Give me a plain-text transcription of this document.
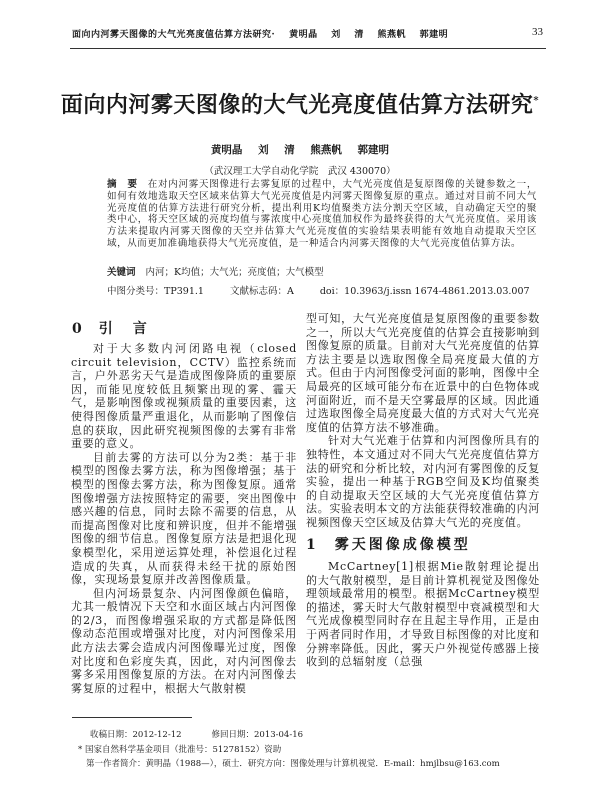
面向内河雾天图像的大气光亮度值估算方法研究· 黄明晶 刘 清 熊燕帆 郭建明	33
面向内河雾天图像的大气光亮度值估算方法研究*
黄明晶 刘 清 熊燕帆 郭建明
（武汉理工大学自动化学院　武汉 430070）
摘　要 在对内河雾天图像进行去雾复原的过程中，大气光亮度值是复原图像的关键参数之一，如何有效地选取天空区域来估算大气光亮度值是内河雾天图像复原的重点。通过对目前不同大气光亮度值的估算方法进行研究分析，提出利用K均值聚类方法分割天空区域，自动确定天空的聚类中心，将天空区域的亮度均值与雾浓度中心亮度值加权作为最终获得的大气光亮度值。采用该方法来提取内河雾天图像的天空并估算大气光亮度值的实验结果表明能有效地自动提取天空区域，从而更加准确地获得大气光亮度值，是一种适合内河雾天图像的大气光亮度值估算方法。
关键词 内河；K均值；大气光；亮度值；大气模型
中图分类号：TP391.1	文献标志码：A	doi：10.3963/j.issn 1674-4861.2013.03.007
0 引　言

对于大多数内河闭路电视（closed circuit television，CCTV）监控系统而言，户外恶劣天气是造成图像降质的重要原因，而能见度较低且频繁出现的雾、霾天气，是影响图像或视频质量的重要因素，这使得图像质量严重退化，从而影响了图像信息的获取，因此研究视频图像的去雾有非常重要的意义。

目前去雾的方法可以分为2类：基于非模型的图像去雾方法，称为图像增强；基于模型的图像去雾方法，称为图像复原。通常图像增强方法按照特定的需要，突出图像中感兴趣的信息，同时去除不需要的信息，从而提高图像对比度和辨识度，但并不能增强图像的细节信息。图像复原方法是把退化现象模型化，采用逆运算处理，补偿退化过程造成的失真，从而获得未经干扰的原始图像，实现场景复原并改善图像质量。

但内河场景复杂、内河图像颜色偏暗，尤其一般情况下天空和水面区域占内河图像的2/3，而图像增强采取的方式都是降低图像动态范围或增强对比度，对内河图像采用此方法去雾会造成内河图像曝光过度，图像对比度和色彩度失真，因此，对内河图像去雾多采用图像复原的方法。在对内河图像去雾复原的过程中，根据大气散射模

型可知，大气光亮度值是复原图像的重要参数之一，所以大气光亮度值的估算会直接影响到图像复原的质量。目前对大气光亮度值的估算方法主要是以选取图像全局亮度最大值的方式。但由于内河图像受河面的影响，图像中全局最亮的区域可能分布在近景中的白色物体或河面附近，而不是天空雾最厚的区域。因此通过选取图像全局亮度最大值的方式对大气光亮度值的估算方法不够准确。

针对大气光难于估算和内河图像所具有的独特性，本文通过对不同大气光亮度值估算方法的研究和分析比较，对内河有雾图像的反复实验，提出一种基于RGB空间及K均值聚类的自动提取天空区域的大气光亮度值估算方法。实验表明本文的方法能获得较准确的内河视频图像天空区域及估算大气光的亮度值。

1 雾天图像成像模型

McCartney[1]根据Mie散射理论提出的大气散射模型，是目前计算机视觉及图像处理领域最常用的模型。根据McCartney模型的描述，雾天时大气散射模型中衰减模型和大气光成像模型同时存在且起主导作用，正是由于两者同时作用，才导致目标图像的对比度和分辨率降低。因此，雾天户外视觉传感器上接收到的总辐射度（总强

收稿日期：2012-12-12	修回日期：2013-04-16
* 国家自然科学基金项目（批准号：51278152）资助
第一作者简介：黄明晶（1988—），硕士．研究方向：图像处理与计算机视觉．E-mail：hmjlbsu@163.com
